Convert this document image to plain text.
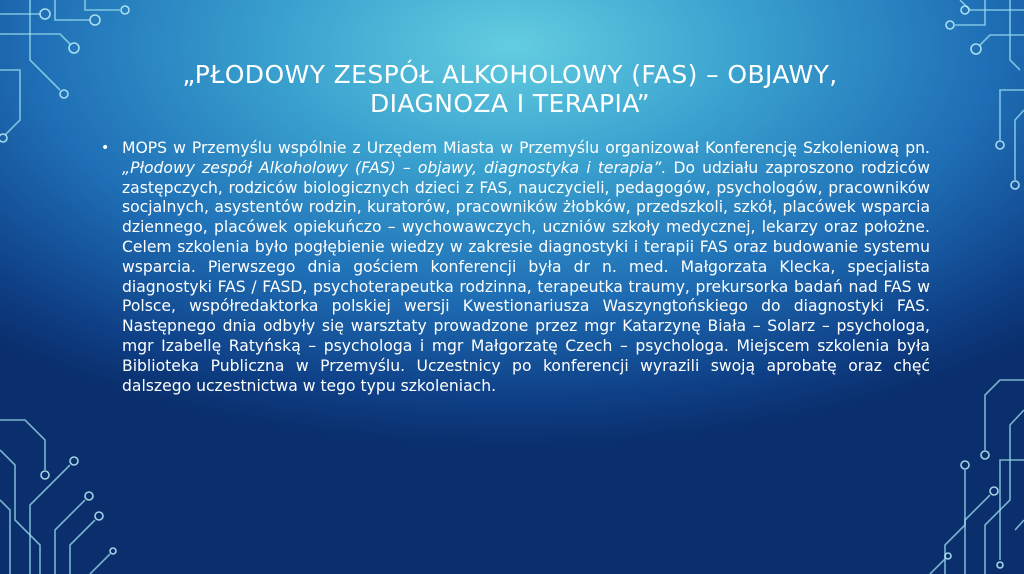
„PŁODOWY ZESPÓŁ ALKOHOLOWY (FAS) – OBJAWY, DIAGNOZA I TERAPIA”
• MOPS w Przemyślu wspólnie z Urzędem Miasta w Przemyślu organizował Konferencję Szkoleniową pn.„Płodowy zespół Alkoholowy (FAS) – objawy, diagnostyka i terapia”. Do udziału zaproszono rodziców zastępczych, rodziców biologicznych dzieci z FAS, nauczycieli, pedagogów, psychologów, pracowników socjalnych, asystentów rodzin, kuratorów, pracowników żłobków, przedszkoli, szkół, placówek wsparcia dziennego, placówek opiekuńczo – wychowawczych, uczniów szkoły medycznej, lekarzy oraz położne. Celem szkolenia było pogłębienie wiedzy w zakresie diagnostyki i terapii FAS oraz budowanie systemu wsparcia. Pierwszego dnia gościem konferencji była dr n. med. Małgorzata Klecka, specjalista diagnostyki FAS / FASD, psychoterapeutka rodzinna, terapeutka traumy, prekursorka badań nad FAS w Polsce, współredaktorka polskiej wersji Kwestionariusza Waszyngtońskiego do diagnostyki FAS. Następnego dnia odbyły się warsztaty prowadzone przez mgr Katarzynę Biała – Solarz – psychologa, mgr Izabellę Ratyńską – psychologa i mgr Małgorzatę Czech – psychologa. Miejscem szkolenia była Biblioteka Publiczna w Przemyślu. Uczestnicy po konferencji wyrazili swoją aprobatę oraz chęć dalszego uczestnictwa w tego typu szkoleniach.
